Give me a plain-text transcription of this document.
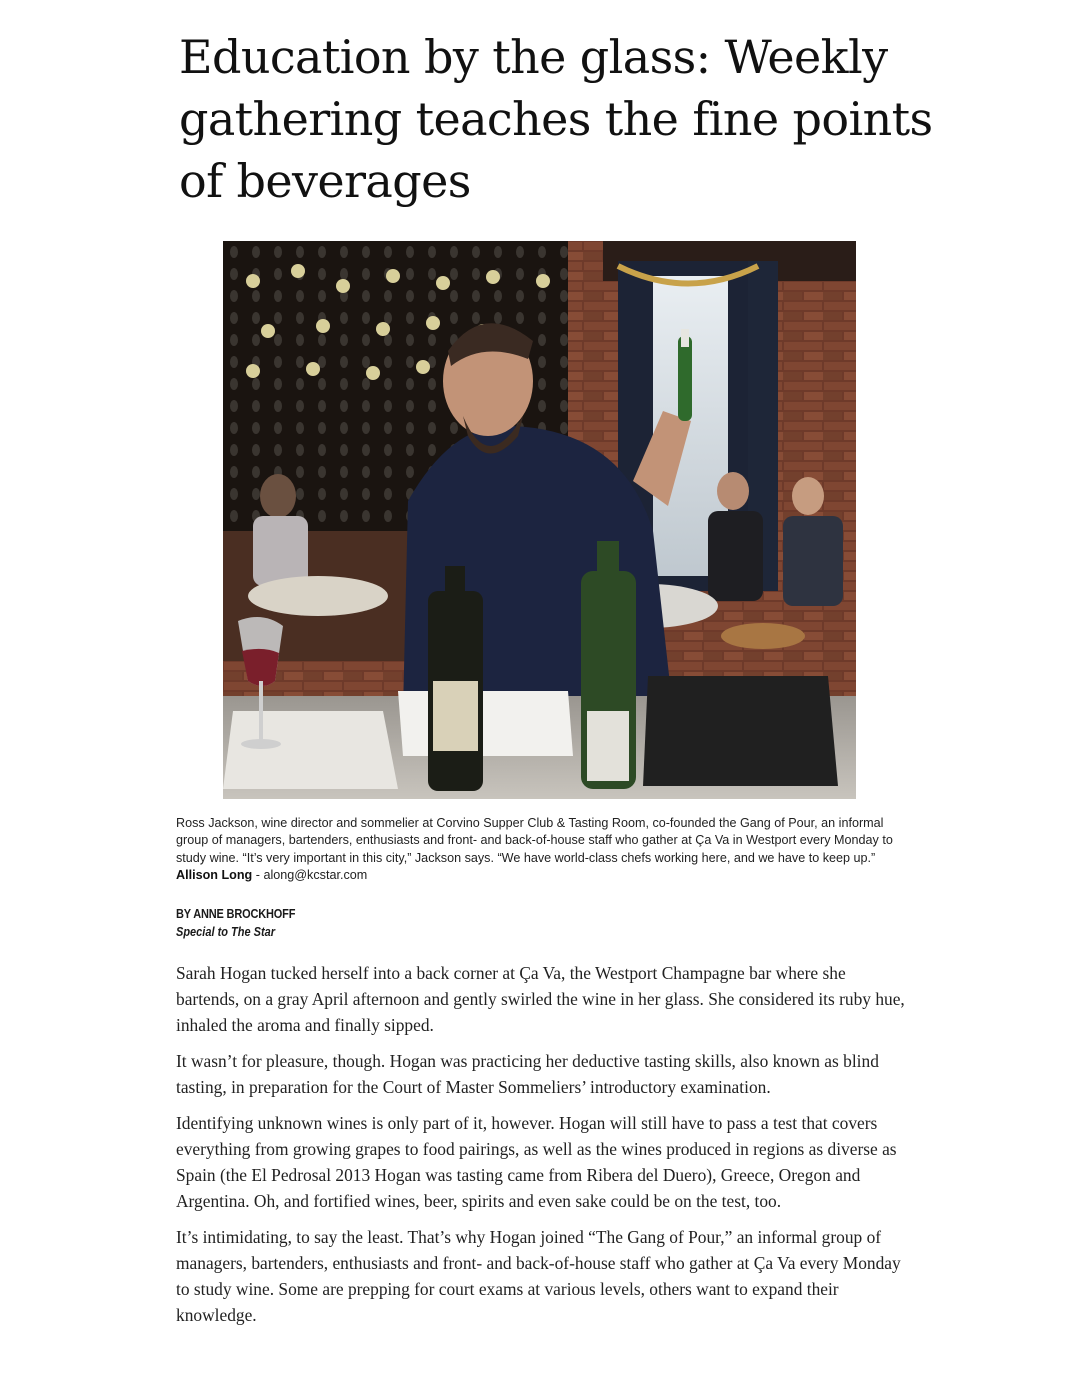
Education by the glass: Weekly gathering teaches the fine points of beverages

Ross Jackson, wine director and sommelier at Corvino Supper Club & Tasting Room, co-founded the Gang of Pour, an informal group of managers, bartenders, enthusiasts and front- and back-of-house staff who gather at Ça Va in Westport every Monday to study wine. “It’s very important in this city,” Jackson says. “We have world-class chefs working here, and we have to keep up.” Allison Long - along@kcstar.com

BY ANNE BROCKHOFF
Special to The Star

Sarah Hogan tucked herself into a back corner at Ça Va, the Westport Champagne bar where she bartends, on a gray April afternoon and gently swirled the wine in her glass. She considered its ruby hue, inhaled the aroma and finally sipped.

It wasn’t for pleasure, though. Hogan was practicing her deductive tasting skills, also known as blind tasting, in preparation for the Court of Master Sommeliers’ introductory examination.

Identifying unknown wines is only part of it, however. Hogan will still have to pass a test that covers everything from growing grapes to food pairings, as well as the wines produced in regions as diverse as Spain (the El Pedrosal 2013 Hogan was tasting came from Ribera del Duero), Greece, Oregon and Argentina. Oh, and fortified wines, beer, spirits and even sake could be on the test, too.

It’s intimidating, to say the least. That’s why Hogan joined “The Gang of Pour,” an informal group of managers, bartenders, enthusiasts and front- and back-of-house staff who gather at Ça Va every Monday to study wine. Some are prepping for court exams at various levels, others want to expand their knowledge.
